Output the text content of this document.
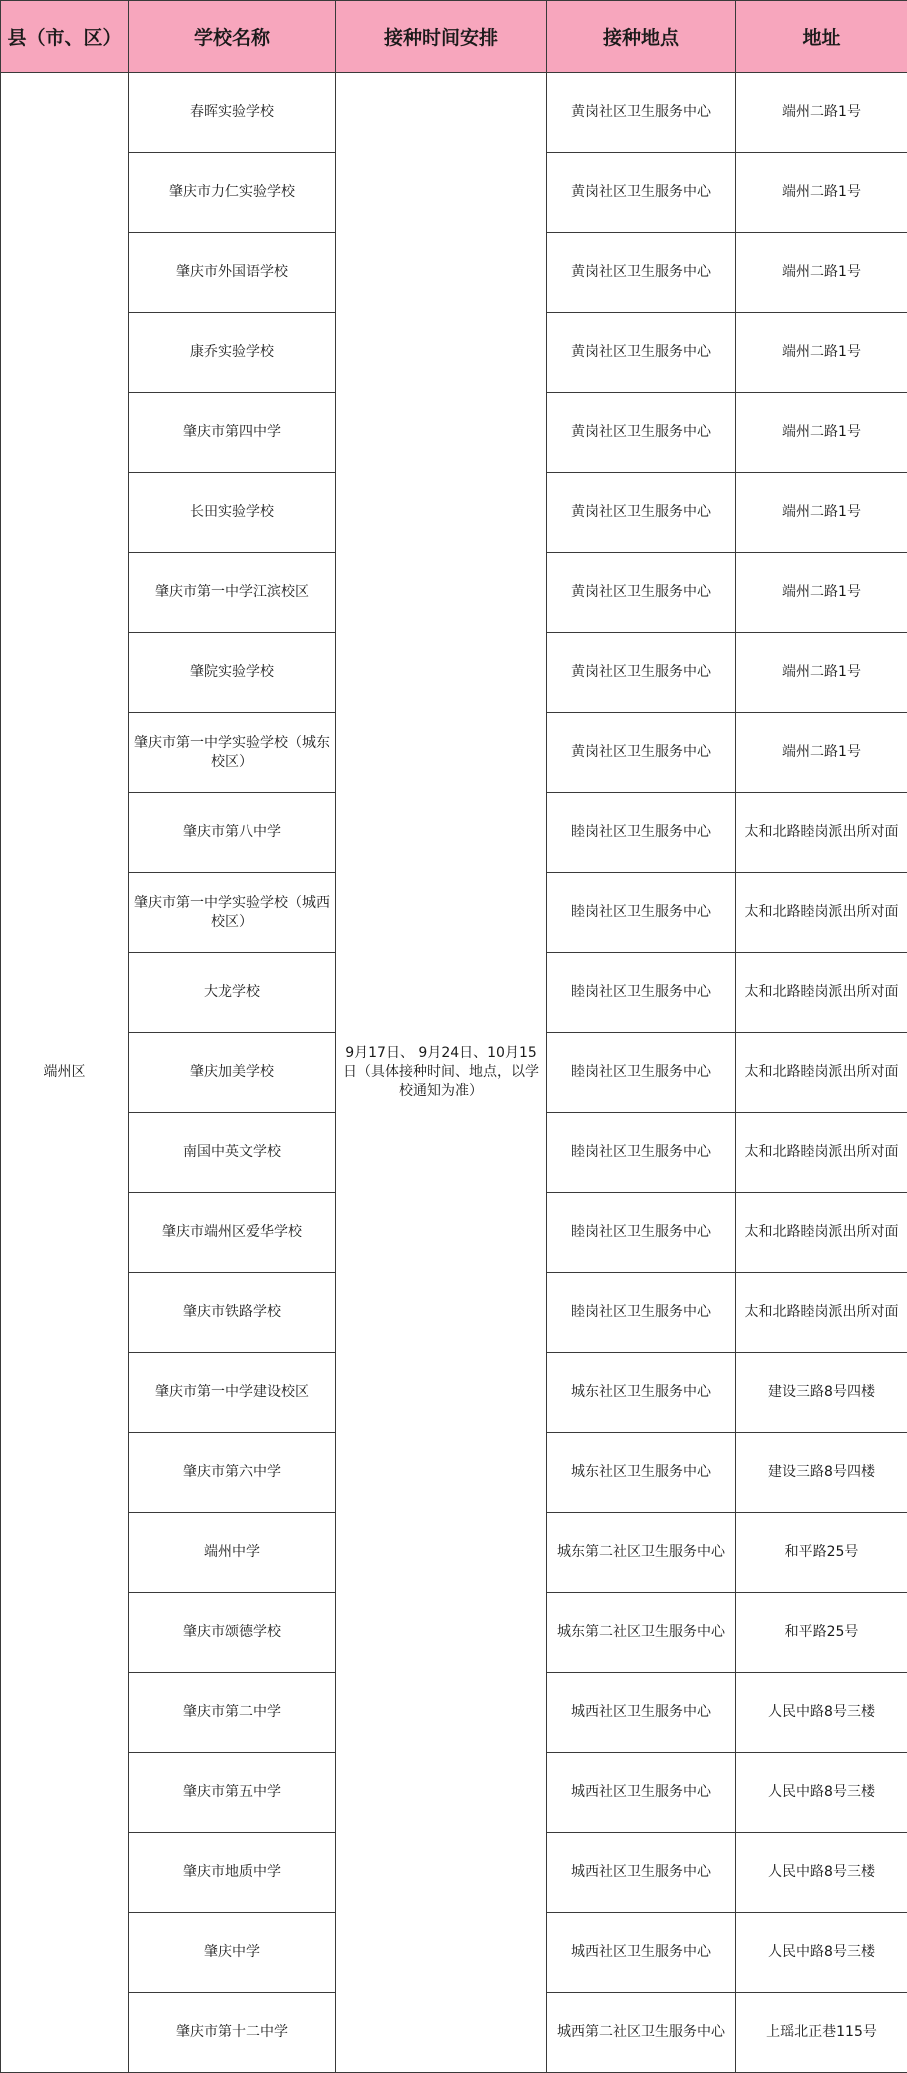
县（市、区）	学校名称	接种时间安排	接种地点	地址
端州区	春晖实验学校	9月17日、 9月24日、10月15日（具体接种时间、地点，以学校通知为准）	黄岗社区卫生服务中心	端州二路1号
	肇庆市力仁实验学校		黄岗社区卫生服务中心	端州二路1号
	肇庆市外国语学校		黄岗社区卫生服务中心	端州二路1号
	康乔实验学校		黄岗社区卫生服务中心	端州二路1号
	肇庆市第四中学		黄岗社区卫生服务中心	端州二路1号
	长田实验学校		黄岗社区卫生服务中心	端州二路1号
	肇庆市第一中学江滨校区		黄岗社区卫生服务中心	端州二路1号
	肇院实验学校		黄岗社区卫生服务中心	端州二路1号
	肇庆市第一中学实验学校（城东校区）		黄岗社区卫生服务中心	端州二路1号
	肇庆市第八中学		睦岗社区卫生服务中心	太和北路睦岗派出所对面
	肇庆市第一中学实验学校（城西校区）		睦岗社区卫生服务中心	太和北路睦岗派出所对面
	大龙学校		睦岗社区卫生服务中心	太和北路睦岗派出所对面
	肇庆加美学校		睦岗社区卫生服务中心	太和北路睦岗派出所对面
	南国中英文学校		睦岗社区卫生服务中心	太和北路睦岗派出所对面
	肇庆市端州区爱华学校		睦岗社区卫生服务中心	太和北路睦岗派出所对面
	肇庆市铁路学校		睦岗社区卫生服务中心	太和北路睦岗派出所对面
	肇庆市第一中学建设校区		城东社区卫生服务中心	建设三路8号四楼
	肇庆市第六中学		城东社区卫生服务中心	建设三路8号四楼
	端州中学		城东第二社区卫生服务中心	和平路25号
	肇庆市颂德学校		城东第二社区卫生服务中心	和平路25号
	肇庆市第二中学		城西社区卫生服务中心	人民中路8号三楼
	肇庆市第五中学		城西社区卫生服务中心	人民中路8号三楼
	肇庆市地质中学		城西社区卫生服务中心	人民中路8号三楼
	肇庆中学		城西社区卫生服务中心	人民中路8号三楼
	肇庆市第十二中学		城西第二社区卫生服务中心	上瑶北正巷115号
